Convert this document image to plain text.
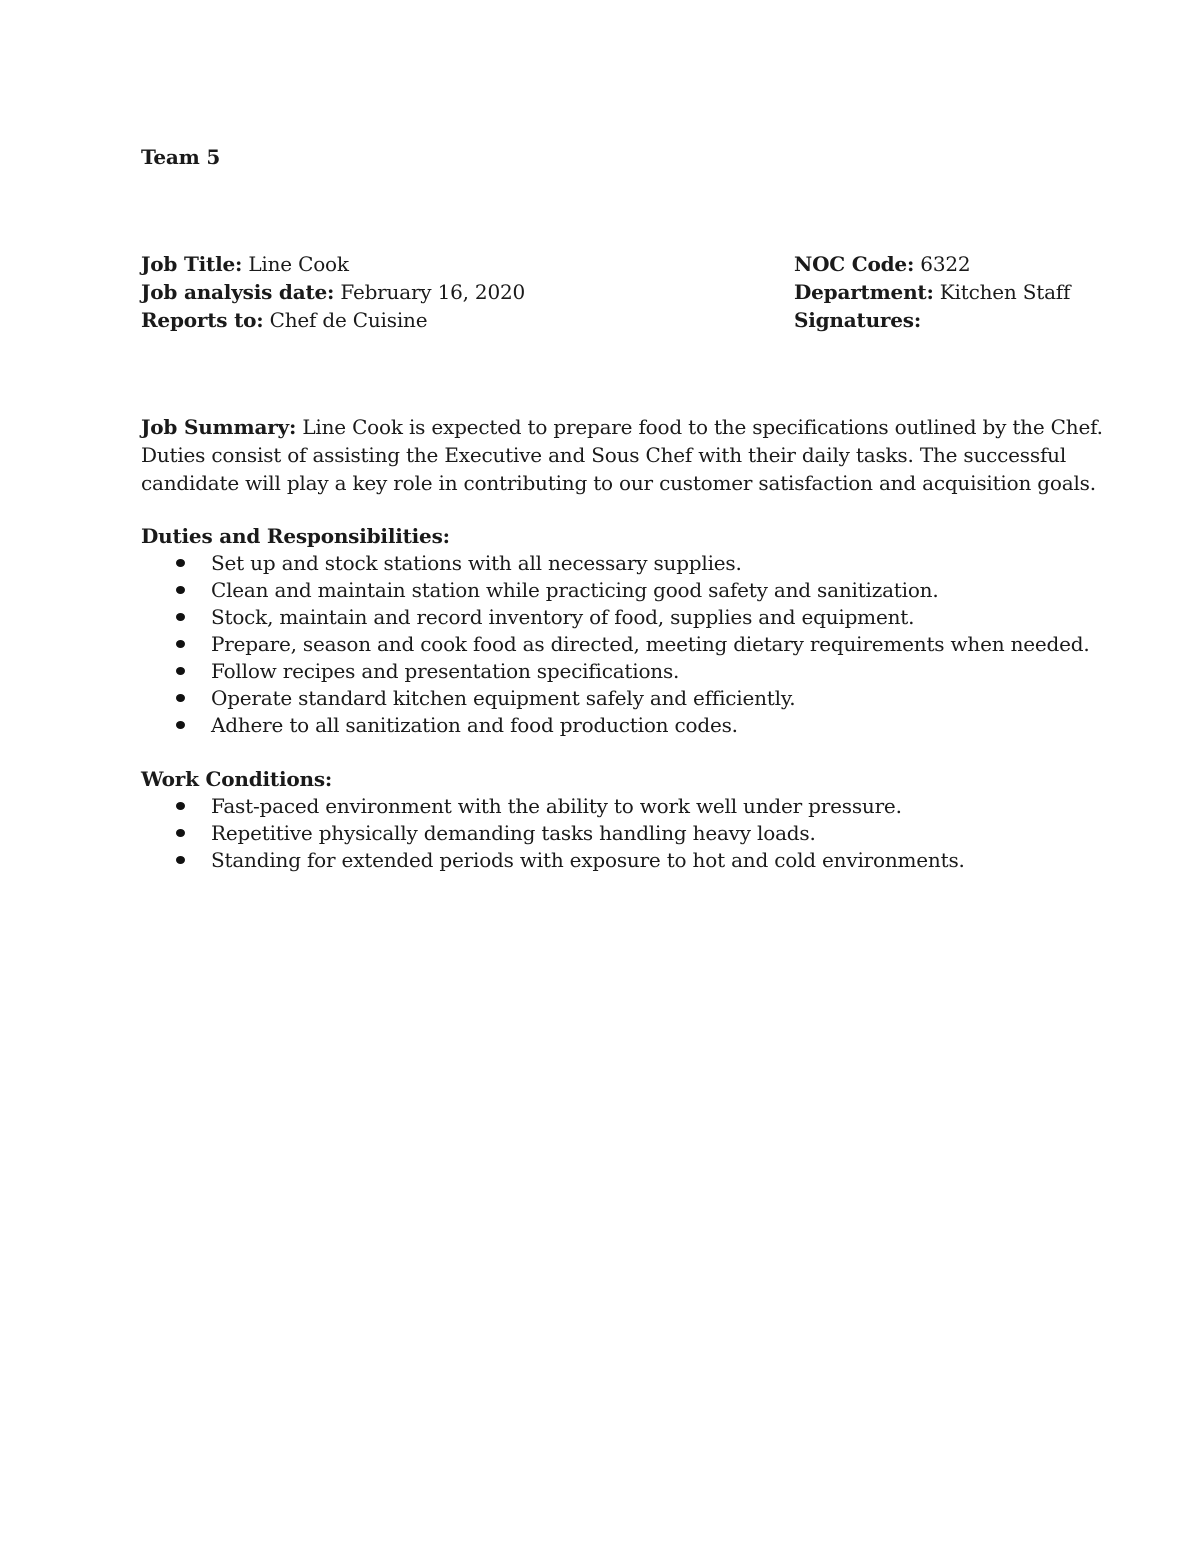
Team 5
Job Title: Line Cook
Job analysis date: February 16, 2020
Reports to: Chef de Cuisine
NOC Code: 6322
Department: Kitchen Staff
Signatures:
Job Summary: Line Cook is expected to prepare food to the specifications outlined by the Chef.
Duties consist of assisting the Executive and Sous Chef with their daily tasks. The successful
candidate will play a key role in contributing to our customer satisfaction and acquisition goals.
Duties and Responsibilities:
Set up and stock stations with all necessary supplies.
Clean and maintain station while practicing good safety and sanitization.
Stock, maintain and record inventory of food, supplies and equipment.
Prepare, season and cook food as directed, meeting dietary requirements when needed.
Follow recipes and presentation specifications.
Operate standard kitchen equipment safely and efficiently.
Adhere to all sanitization and food production codes.
Work Conditions:
Fast-paced environment with the ability to work well under pressure.
Repetitive physically demanding tasks handling heavy loads.
Standing for extended periods with exposure to hot and cold environments.
